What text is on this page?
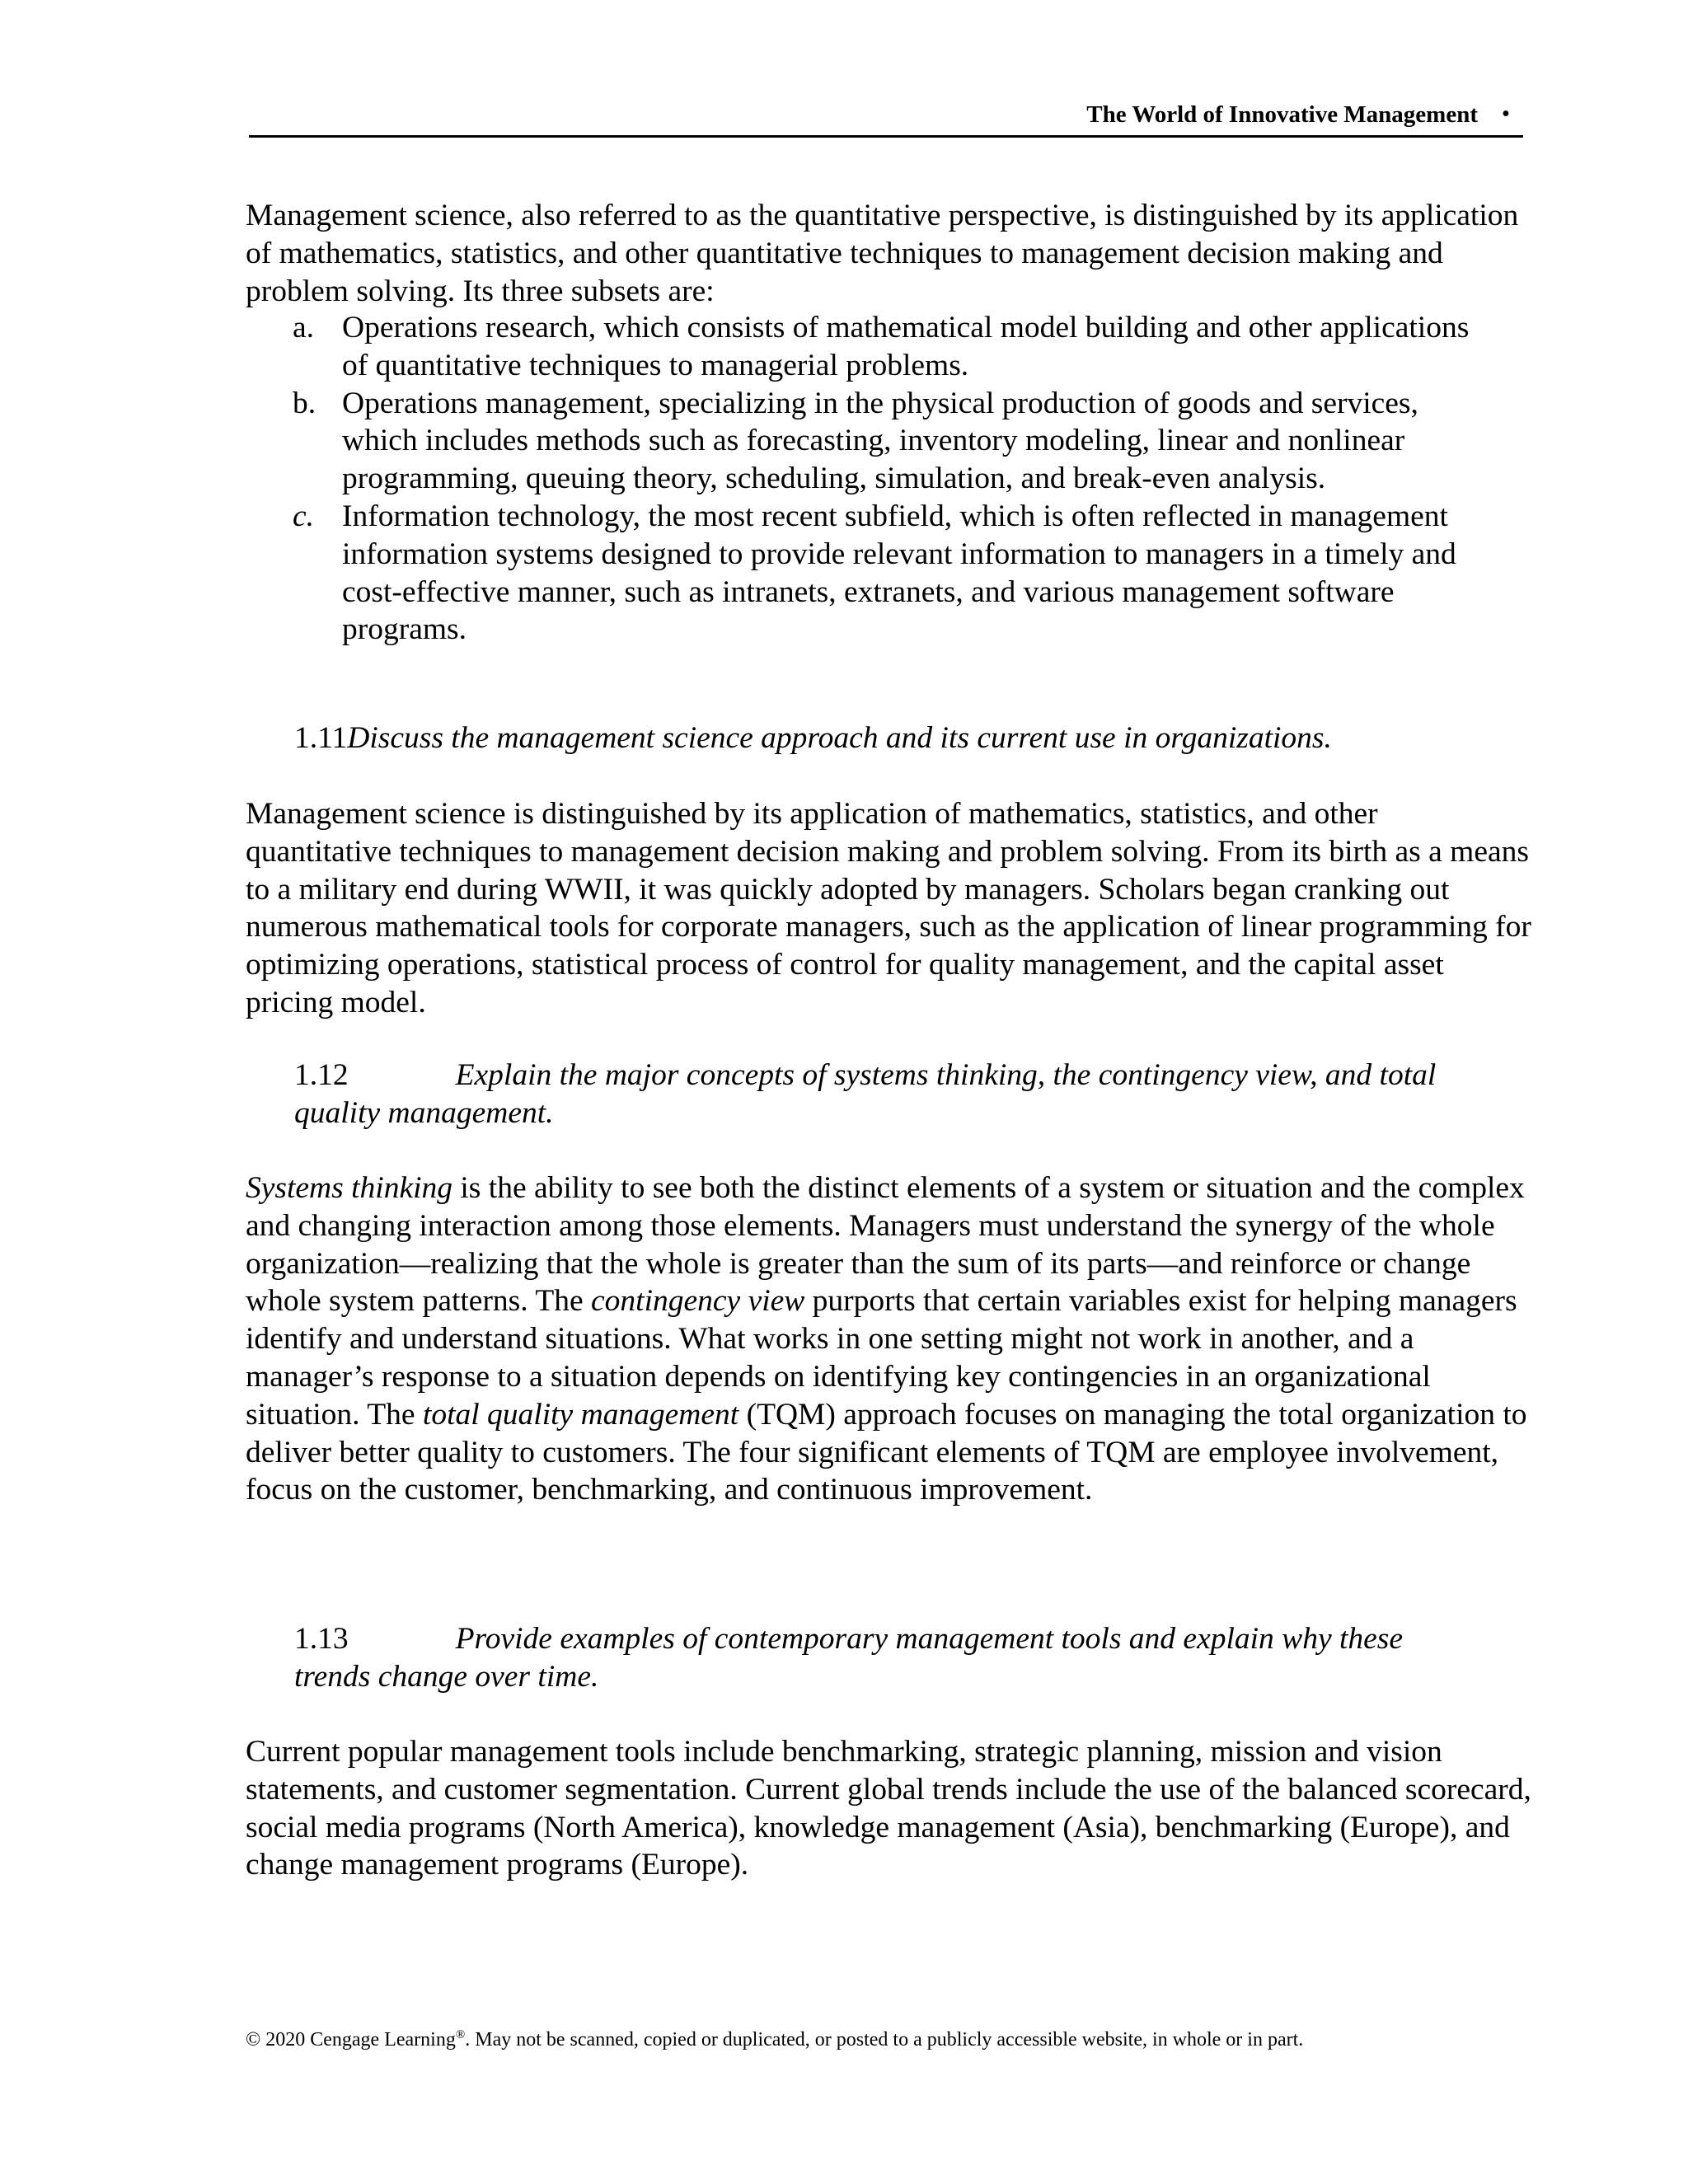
The World of Innovative Management •

Management science, also referred to as the quantitative perspective, is distinguished by its application of mathematics, statistics, and other quantitative techniques to management decision making and problem solving. Its three subsets are:

a. Operations research, which consists of mathematical model building and other applications of quantitative techniques to managerial problems.
b. Operations management, specializing in the physical production of goods and services, which includes methods such as forecasting, inventory modeling, linear and nonlinear programming, queuing theory, scheduling, simulation, and break-even analysis.
c. Information technology, the most recent subfield, which is often reflected in management information systems designed to provide relevant information to managers in a timely and cost-effective manner, such as intranets, extranets, and various management software programs.
1.11Discuss the management science approach and its current use in organizations.

Management science is distinguished by its application of mathematics, statistics, and other quantitative techniques to management decision making and problem solving. From its birth as a means to a military end during WWII, it was quickly adopted by managers. Scholars began cranking out numerous mathematical tools for corporate managers, such as the application of linear programming for optimizing operations, statistical process of control for quality management, and the capital asset pricing model.

1.12	Explain the major concepts of systems thinking, the contingency view, and total quality management.

Systems thinking is the ability to see both the distinct elements of a system or situation and the complex and changing interaction among those elements. Managers must understand the synergy of the whole organization—realizing that the whole is greater than the sum of its parts—and reinforce or change whole system patterns. The contingency view purports that certain variables exist for helping managers identify and understand situations. What works in one setting might not work in another, and a manager’s response to a situation depends on identifying key contingencies in an organizational situation. The total quality management (TQM) approach focuses on managing the total organization to deliver better quality to customers. The four significant elements of TQM are employee involvement, focus on the customer, benchmarking, and continuous improvement.

1.13	Provide examples of contemporary management tools and explain why these trends change over time.

Current popular management tools include benchmarking, strategic planning, mission and vision statements, and customer segmentation. Current global trends include the use of the balanced scorecard, social media programs (North America), knowledge management (Asia), benchmarking (Europe), and change management programs (Europe).

© 2020 Cengage Learning®. May not be scanned, copied or duplicated, or posted to a publicly accessible website, in whole or in part.
